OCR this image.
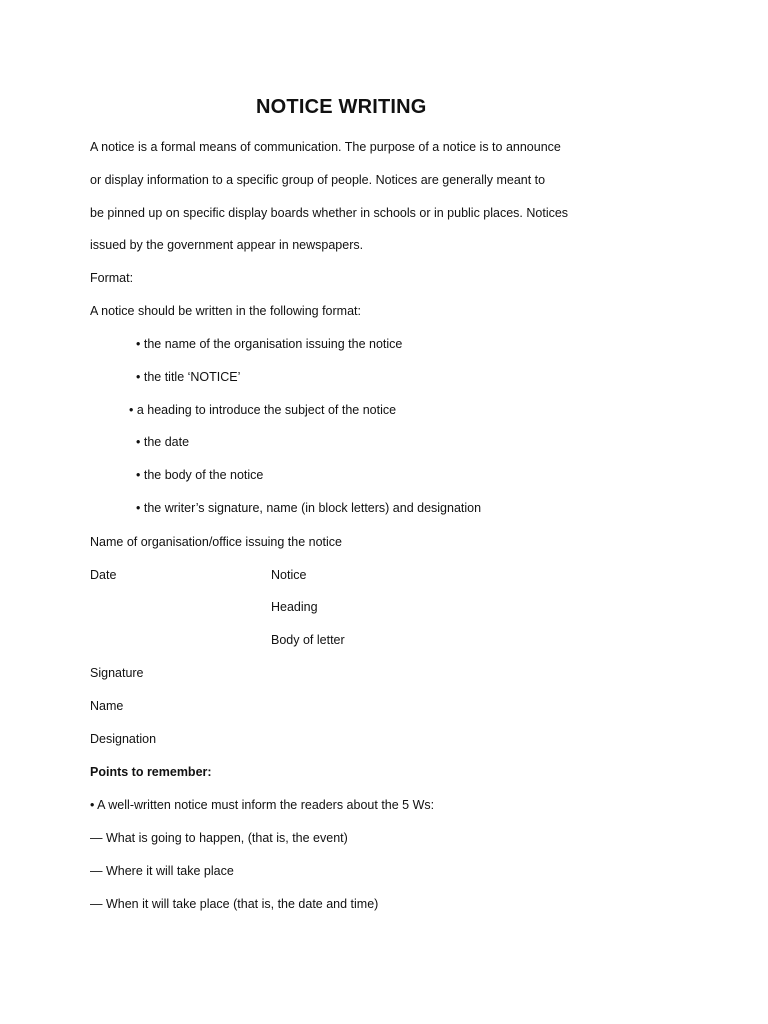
NOTICE WRITING
A notice is a formal means of communication. The purpose of a notice is to announce
or display information to a specific group of people. Notices are generally meant to
be pinned up on specific display boards whether in schools or in public places. Notices
issued by the government appear in newspapers.
Format:
A notice should be written in the following format:
• the name of the organisation issuing the notice
• the title ‘NOTICE’
• a heading to introduce the subject of the notice
• the date
• the body of the notice
• the writer’s signature, name (in block letters) and designation
Name of organisation/office issuing the notice
Date	Notice
Heading
Body of letter
Signature
Name
Designation
Points to remember:
• A well-written notice must inform the readers about the 5 Ws:
— What is going to happen, (that is, the event)
— Where it will take place
— When it will take place (that is, the date and time)
